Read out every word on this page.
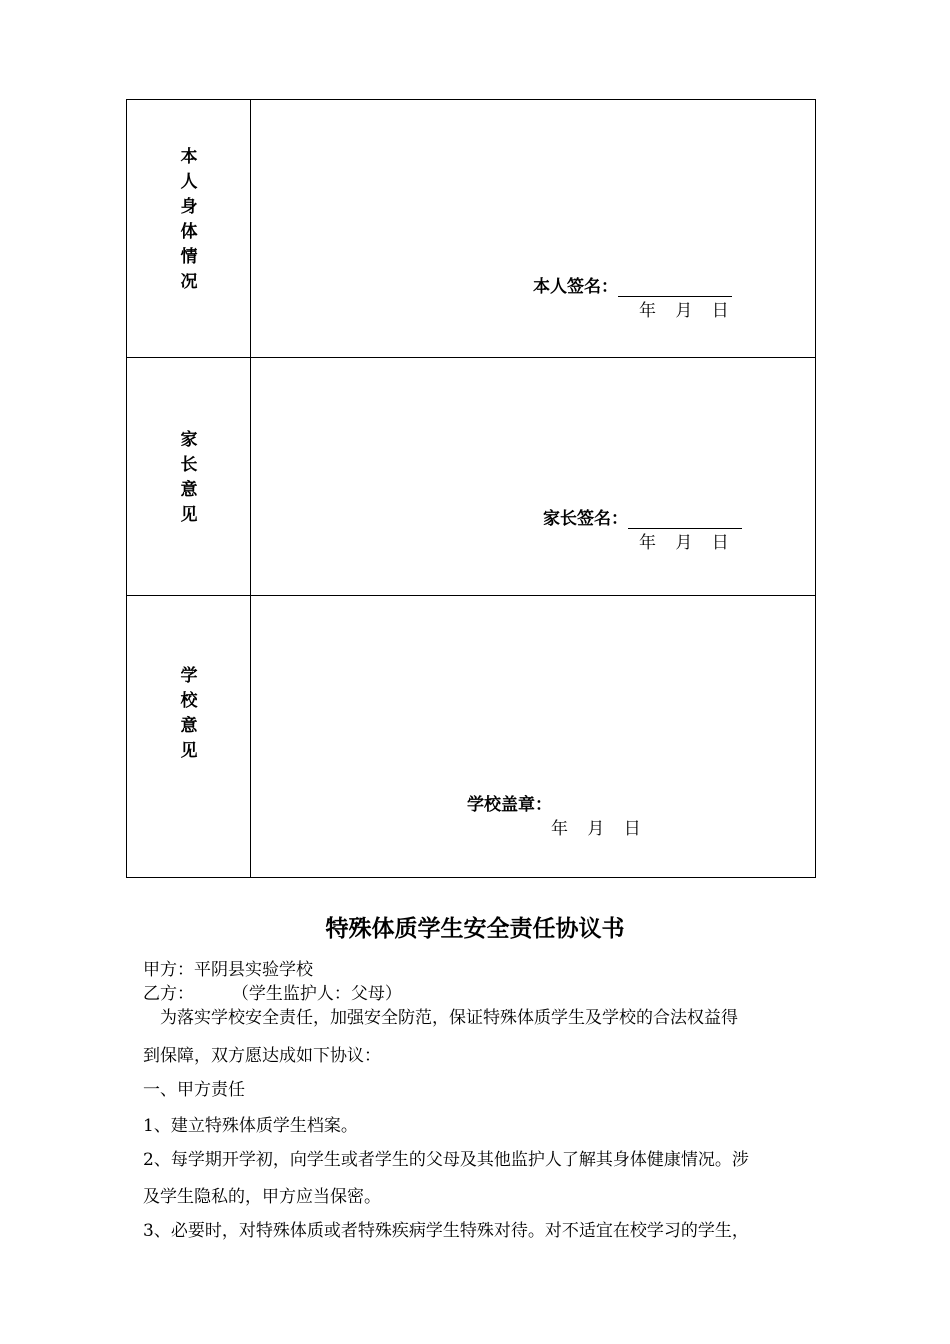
本
人
身
体
情
况	本人签名：
年 月 日
家
长
意
见	家长签名：
年 月 日
学
校
意
见
学校盖章：
年 月 日
特殊体质学生安全责任协议书
甲方：平阴县实验学校
乙方：       （学生监护人：父母）
为落实学校安全责任，加强安全防范，保证特殊体质学生及学校的合法权益得
到保障，双方愿达成如下协议：
一、甲方责任
1、建立特殊体质学生档案。
2、每学期开学初，向学生或者学生的父母及其他监护人了解其身体健康情况。涉
及学生隐私的，甲方应当保密。
3、必要时，对特殊体质或者特殊疾病学生特殊对待。对不适宜在校学习的学生，
